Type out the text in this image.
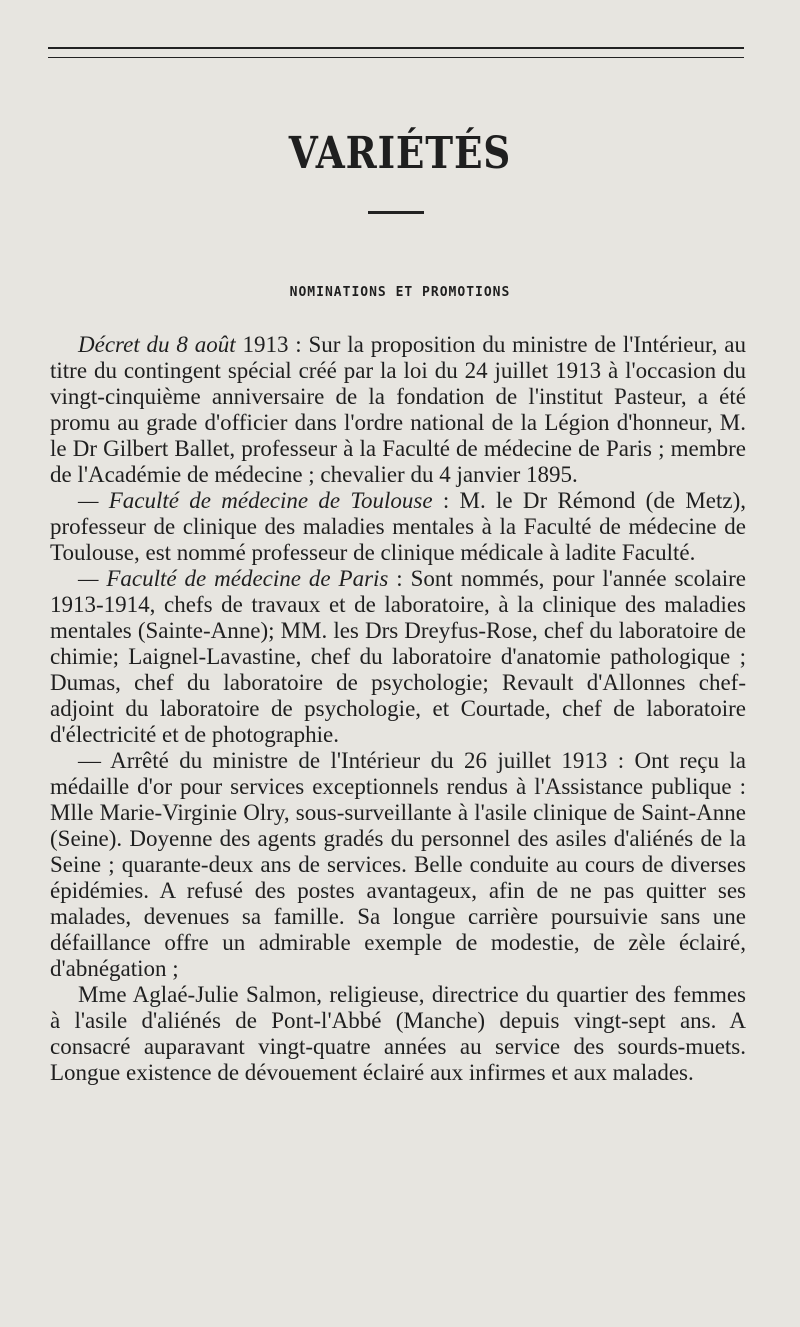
VARIÉTÉS
NOMINATIONS ET PROMOTIONS

Décret du 8 août 1913 : Sur la proposition du ministre de l'Intérieur, au titre du contingent spécial créé par la loi du 24 juillet 1913 à l'occasion du vingt-cinquième anniversaire de la fondation de l'institut Pasteur, a été promu au grade d'officier dans l'ordre national de la Légion d'honneur, M. le Dr Gilbert Ballet, professeur à la Faculté de médecine de Paris ; membre de l'Académie de médecine ; chevalier du 4 janvier 1895.

— Faculté de médecine de Toulouse : M. le Dr Rémond (de Metz), professeur de clinique des maladies mentales à la Faculté de médecine de Toulouse, est nommé professeur de clinique médicale à ladite Faculté.

— Faculté de médecine de Paris : Sont nommés, pour l'année scolaire 1913-1914, chefs de travaux et de laboratoire, à la clinique des maladies mentales (Sainte-Anne); MM. les Drs Dreyfus-Rose, chef du laboratoire de chimie; Laignel-Lavastine, chef du laboratoire d'anatomie pathologique ; Dumas, chef du laboratoire de psychologie; Revault d'Allonnes chef-adjoint du laboratoire de psychologie, et Courtade, chef de laboratoire d'électricité et de photographie.

— Arrêté du ministre de l'Intérieur du 26 juillet 1913 : Ont reçu la médaille d'or pour services exceptionnels rendus à l'Assistance publique : Mlle Marie-Virginie Olry, sous-surveillante à l'asile clinique de Saint-Anne (Seine). Doyenne des agents gradés du personnel des asiles d'aliénés de la Seine ; quarante-deux ans de services. Belle conduite au cours de diverses épidémies. A refusé des postes avantageux, afin de ne pas quitter ses malades, devenues sa famille. Sa longue carrière poursuivie sans une défaillance offre un admirable exemple de modestie, de zèle éclairé, d'abnégation ;

Mme Aglaé-Julie Salmon, religieuse, directrice du quartier des femmes à l'asile d'aliénés de Pont-l'Abbé (Manche) depuis vingt-sept ans. A consacré auparavant vingt-quatre années au service des sourds-muets. Longue existence de dévouement éclairé aux infirmes et aux malades.
